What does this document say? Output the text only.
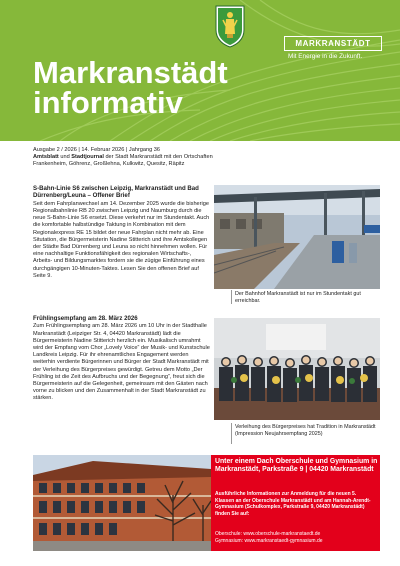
MARKRANSTÄDT
Mit Energie in die Zukunft.
Markranstädt
informativ
Ausgabe 2 / 2026 | 14. Februar 2026 | Jahrgang 36
Amtsblatt und Stadtjournal der Stadt Markranstädt mit den Ortschaften
Frankenheim, Göhrenz, Großlehna, Kulkwitz, Quesitz, Räpitz
S-Bahn-Linie S6 zwischen Leipzig, Markranstädt und Bad Dürrenberg/Leuna – Offener Brief

Seit dem Fahrplanwechsel am 14. Dezember 2025 wurde die bisherige Regionalbahnlinie RB 20 zwischen Leipzig und Naumburg durch die neue S-Bahn-Linie S6 ersetzt. Diese verkehrt nur im Stundentakt. Auch die komfortable halbstündige Taktung in Kombination mit dem Regionalexpress RE 15 bildet der neue Fahrplan nicht mehr ab. Eine Situtation, die Bürgermeisterin Nadine Stitterich und ihre Amtskollegen der Städte Bad Dürrenberg und Leuna so nicht hinnehmen wollen. Für eine nachhaltige Funktionsfähigkeit des regionalen Wirtschafts-, Arbeits- und Bildungsmarktes fordern sie die zügige Einführung eines durchgängigen 10-Minuten-Taktes. Lesen Sie den offenen Brief auf Seite 9.

Der Bahnhof Markranstädt ist nur im Stundentakt gut erreichbar.
Frühlingsempfang am 28. März 2026

Zum Frühlingsempfang am 28. März 2026 um 10 Uhr in der Stadthalle Markranstädt (Leipziger Str. 4, 04420 Markranstädt) lädt die Bürgermeisterin Nadine Stitterich herzlich ein. Musikalisch umrahmt wird der Empfang vom Chor „Lovely Voice“ der Musik- und Kunstschule Landkreis Leipzig. Für ihr ehrenamtliches Engagement werden weiterhin verdiente Bürgerinnen und Bürger der Stadt Markranstädt mit der Verleihung des Bürgerpreises gewürdigt. Getreu dem Motto „Der Frühling ist die Zeit des Aufbruchs und der Begegnung“, freut sich die Bürgermeisterin auf die Gelegenheit, gemeinsam mit den Gästen nach vorne zu blicken und den Zusammenhalt in der Stadt Markranstädt zu stärken.

Verleihung des Bürgerpreises hat Tradition in Markranstädt (Impression Neujahrsempfang 2025)
Unter einem Dach Oberschule und Gymnasium in Markranstädt, Parkstraße 9 | 04420 Markranstädt
Ausführliche Informationen zur Anmeldung für die neuen 5. Klassen an der Oberschule Markranstädt und am Hannah-Arendt-Gymnasium (Schulkomplex, Parkstraße 9, 04420 Markranstädt) finden Sie auf:
Oberschule: www.oberschule-markranstaedt.de
Gymnasium: www.markranstaedt-gymnasium.de
